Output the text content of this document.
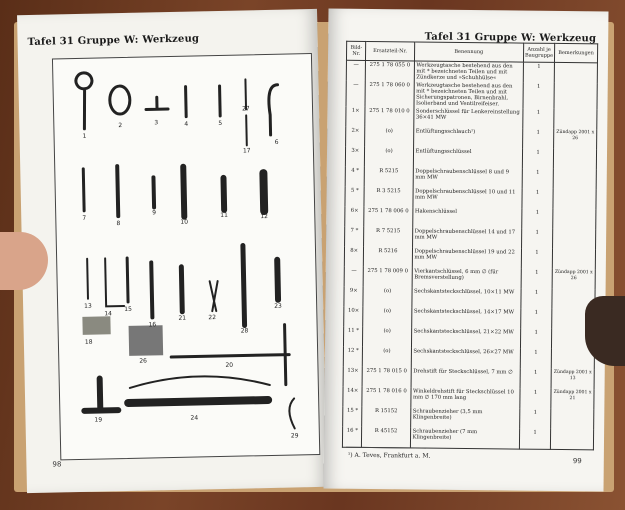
Tafel 31 Gruppe W: Werkzeug
1
2	3	4	5
27
17
6
7
8
9
10
11	12
13
14
15
16
21	22
28
23
18
26
20
19	24
29
98
Tafel 31 Gruppe W: Werkzeug
Bild-Nr.	Ersatzteil-Nr.	Benennung	Anzahl je Baugruppe	Bemerkungen
—	275 1 78 055 0	Werkzeugtasche bestehend aus den mit * bezeichneten Teilen und mit Zündkerze und »Schuhhülse«	1	
—	275 1 78 060 0	Werkzeugtasche bestehend aus den mit * bezeichneten Teilen und mit Sicherungspatronen, Birnenbrahl, Isolierband und Ventilreifeiser.	1	
1×	275 1 78 010 0	Sonderschlüssel für Lenkereinstellung 36×41 MW	1	
2×	(o)	Entlüftungsschlauch¹)	1	Zündapp 2001 x 26
3×	(o)	Entlüftungsschlüssel	1	
4 *	R 5215	Doppelschraubenschlüssel 8 und 9 mm MW	1	
5 *	R 3 5215	Doppelschraubenschlüssel 10 und 11 mm MW	1	
6×	275 1 78 006 0	Hakenschlüssel	1	
7 *	R 7 5215	Doppelschraubenschlüssel 14 und 17 mm MW	1	
8×	R 5216	Doppelschraubenschlüssel 19 und 22 mm MW	1	
—	275 1 78 009 0	Vierkantschlüssel, 6 mm ∅ (für Bremsverstellung)	1	Zündapp 2001 x 26
9×	(o)	Sechskantsteckschlüssel, 10×11 MW	1	
10×	(o)	Sechskantsteckschlüssel, 14×17 MW	1	
11 *	(o)	Sechskantsteckschlüssel, 21×22 MW	1	
12 *	(o)	Sechskantsteckschlüssel, 26×27 MW	1	
13×	275 1 78 015 0	Drehstift für Steckschlüssel, 7 mm ∅	1	Zündapp 2001 x 13
14×	275 1 78 016 0	Winkeldrehstift für Steckschlüssel 10 mm ∅ 170 mm lang	1	Zündapp 2001 x 21
15 *	R 15152	Schraubenzieher (3,5 mm Klingenbreite)	1	
16 *	R 45152	Schraubenzieher (7 mm Klingenbreite)	1	
¹) A. Teves, Frankfurt a. M.
99
